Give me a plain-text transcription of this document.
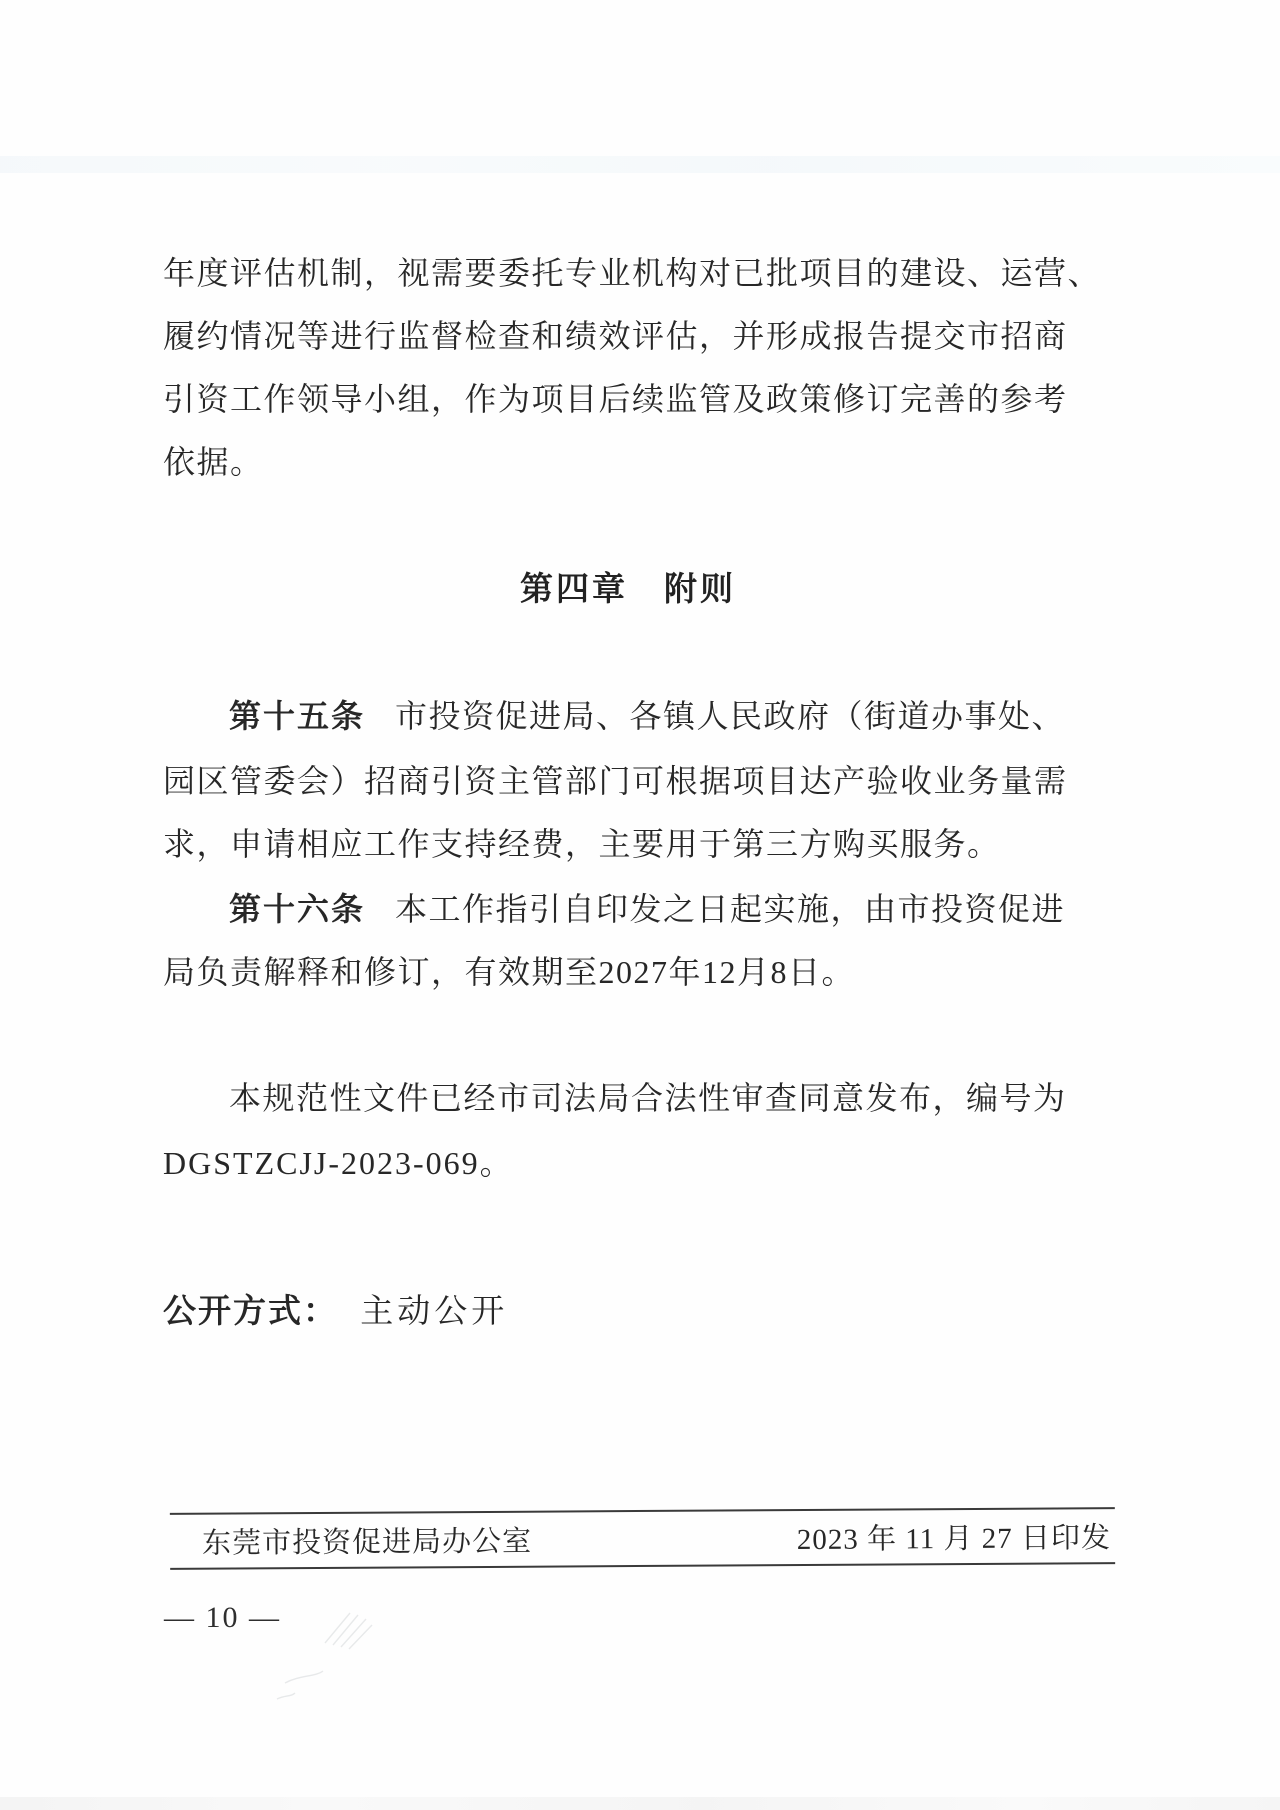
年度评估机制，视需要委托专业机构对已批项目的建设、运营、
履约情况等进行监督检查和绩效评估，并形成报告提交市招商
引资工作领导小组，作为项目后续监管及政策修订完善的参考
依据。
第四章　附则
第十五条 市投资促进局、各镇人民政府（街道办事处、
园区管委会）招商引资主管部门可根据项目达产验收业务量需
求，申请相应工作支持经费，主要用于第三方购买服务。
第十六条 本工作指引自印发之日起实施，由市投资促进
局负责解释和修订，有效期至2027年12月8日。
本规范性文件已经市司法局合法性审查同意发布，编号为
DGSTZCJJ-2023-069。
公开方式： 主动公开
东莞市投资促进局办公室	2023 年 11 月 27 日印发
— 10 —
